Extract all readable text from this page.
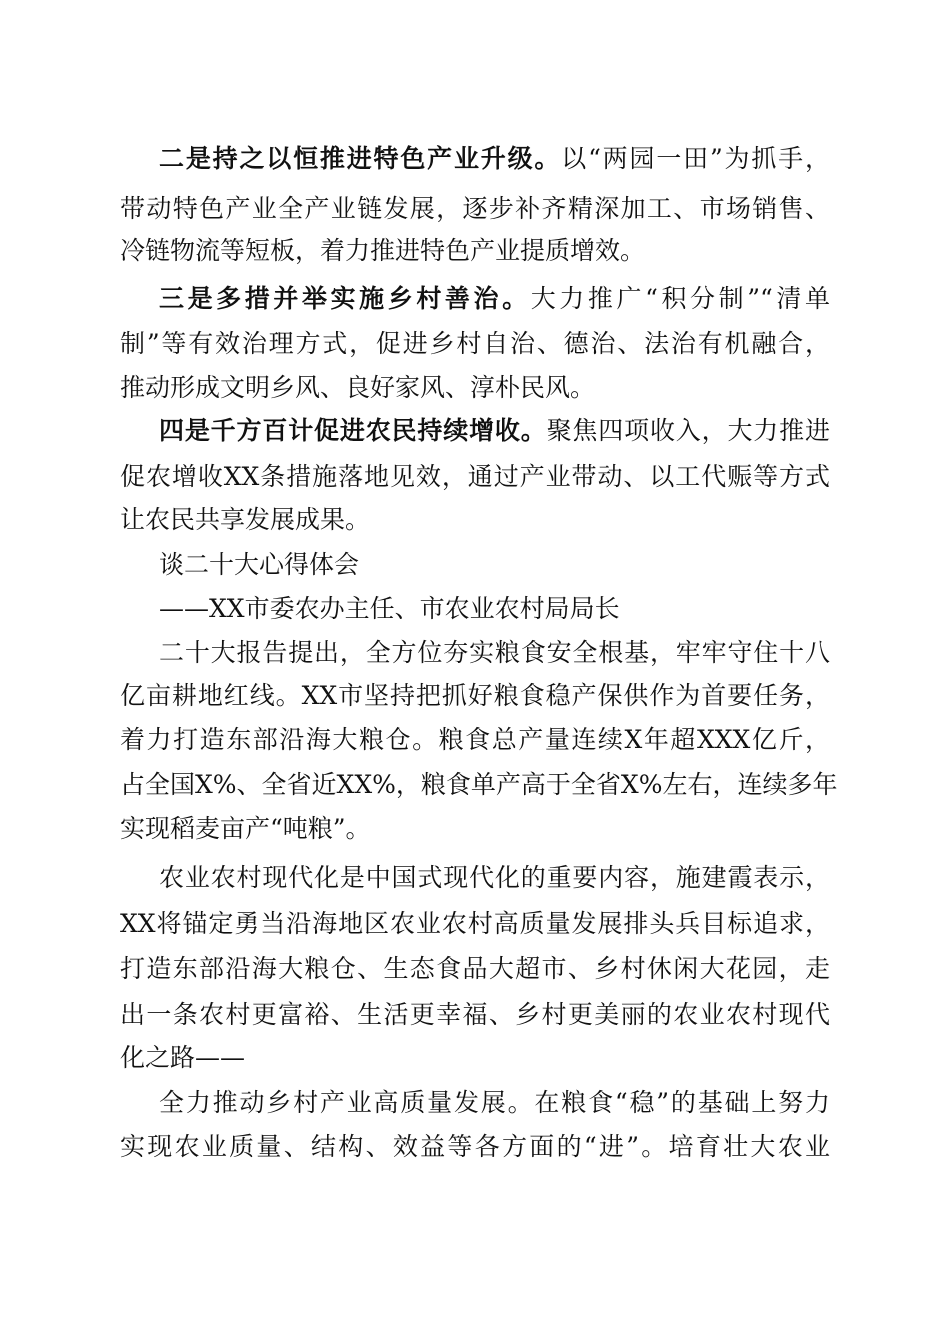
二是持之以恒推进特色产业升级。以“两园一田”为抓手，
带动特色产业全产业链发展，逐步补齐精深加工、市场销售、
冷链物流等短板，着力推进特色产业提质增效。
三是多措并举实施乡村善治。大力推广“积分制”“清单
制”等有效治理方式，促进乡村自治、德治、法治有机融合，
推动形成文明乡风、良好家风、淳朴民风。
四是千方百计促进农民持续增收。聚焦四项收入，大力推进
促农增收XX条措施落地见效，通过产业带动、以工代赈等方式
让农民共享发展成果。
谈二十大心得体会
——XX市委农办主任、市农业农村局局长
二十大报告提出，全方位夯实粮食安全根基，牢牢守住十八
亿亩耕地红线。XX市坚持把抓好粮食稳产保供作为首要任务，
着力打造东部沿海大粮仓。粮食总产量连续X年超XXX亿斤，
占全国X%、全省近XX%，粮食单产高于全省X%左右，连续多年
实现稻麦亩产“吨粮”。
农业农村现代化是中国式现代化的重要内容，施建霞表示，
XX将锚定勇当沿海地区农业农村高质量发展排头兵目标追求，
打造东部沿海大粮仓、生态食品大超市、乡村休闲大花园，走
出一条农村更富裕、生活更幸福、乡村更美丽的农业农村现代
化之路——
全力推动乡村产业高质量发展。在粮食“稳”的基础上努力
实现农业质量、结构、效益等各方面的“进”。培育壮大农业
